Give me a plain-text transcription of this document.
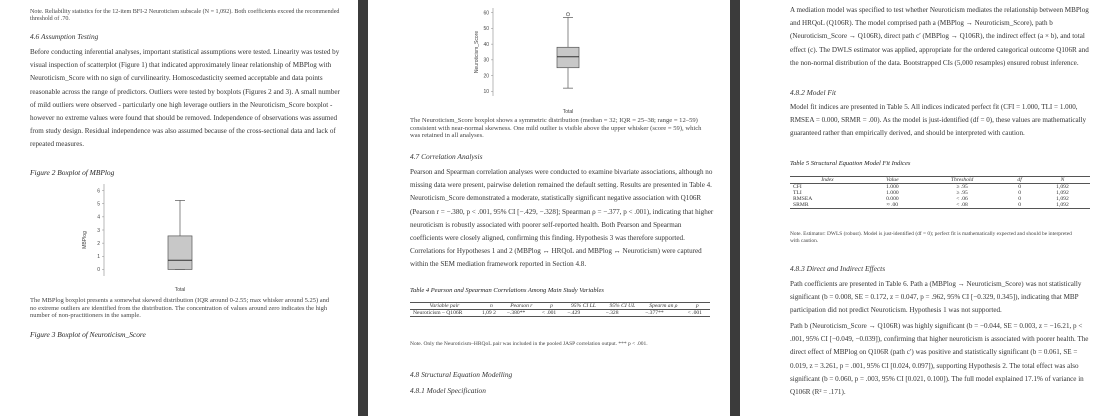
Note. Reliability statistics for the 12-item BFI-2 Neuroticism subscale (N = 1,092). Both coefficients exceed the recommended threshold of .70.

4.6 Assumption Testing

Before conducting inferential analyses, important statistical assumptions were tested. Linearity was tested by visual inspection of scatterplot (Figure 1) that indicated approximately linear relationship of MBPlog with Neuroticism_Score with no sign of curvilinearity. Homoscedasticity seemed acceptable and data points reasonable across the range of predictors. Outliers were tested by boxplots (Figures 2 and 3). A small number of mild outliers were observed - particularly one high leverage outliers in the Neuroticism_Score boxplot - however no extreme values were found that should be removed. Independence of observations was assumed from study design. Residual independence was also assumed because of the cross-sectional data and lack of repeated measures.

Figure 2 Boxplot of MBPlog

MBPlog
0
1
2
3
4
5
6
Total

The MBPlog boxplot presents a somewhat skewed distribution (IQR around 0-2.55; max whisker around 5.25) and no extreme outliers are identified from the distribution. The concentration of values around zero indicates the high number of non-practitioners in the sample.

Figure 3 Boxplot of Neuroticism_Score

Neuroticism_Score
10
20
30
40
50
60
Total

The Neuroticism_Score boxplot shows a symmetric distribution (median = 32; IQR = 25–38; range = 12–59) consistent with near-normal skewness. One mild outlier is visible above the upper whisker (score = 59), which was retained in all analyses.

4.7 Correlation Analysis

Pearson and Spearman correlation analyses were conducted to examine bivariate associations, although no missing data were present, pairwise deletion remained the default setting. Results are presented in Table 4. Neuroticism_Score demonstrated a moderate, statistically significant negative association with Q106R (Pearson r = −.380, p < .001, 95% CI [−.429, −.328]; Spearman ρ = −.377, p < .001), indicating that higher neuroticism is robustly associated with poorer self-reported health. Both Pearson and Spearman coefficients were closely aligned, confirming this finding. Hypothesis 3 was therefore supported. Correlations for Hypotheses 1 and 2 (MBPlog ↔ HRQoL and MBPlog ↔ Neuroticism) were captured within the SEM mediation framework reported in Section 4.8.

Table 4 Pearson and Spearman Correlations Among Main Study Variables

Variable pair	n	Pearson r	p	95% CI LL	95% CI UL	Spearm an ρ	p
Neuroticism – Q106R	1,09 2	−.380**	< .001	−.429	−.328	−.377**	< .001

Note. Only the Neuroticism–HRQoL pair was included in the pooled JASP correlation output. *** p < .001.

4.8 Structural Equation Modelling

4.8.1 Model Specification

A mediation model was specified to test whether Neuroticism mediates the relationship between MBPlog and HRQoL (Q106R). The model comprised path a (MBPlog → Neuroticism_Score), path b (Neuroticism_Score → Q106R), direct path c′ (MBPlog → Q106R), the indirect effect (a × b), and total effect (c). The DWLS estimator was applied, appropriate for the ordered categorical outcome Q106R and the non-normal distribution of the data. Bootstrapped CIs (5,000 resamples) ensured robust inference.

4.8.2 Model Fit

Model fit indices are presented in Table 5. All indices indicated perfect fit (CFI = 1.000, TLI = 1.000, RMSEA = 0.000, SRMR = .00). As the model is just-identified (df = 0), these values are mathematically guaranteed rather than empirically derived, and should be interpreted with caution.

Table 5 Structural Equation Model Fit Indices

Index	Value	Threshold	df	N
CFI	1.000	≥ .95	0	1,092
TLI	1.000	≥ .95	0	1,092
RMSEA	0.000	< .06	0	1,092
SRMR	≈ .00	< .08	0	1,092

Note. Estimator: DWLS (robust). Model is just-identified (df = 0); perfect fit is mathematically expected and should be interpreted with caution.

4.8.3 Direct and Indirect Effects

Path coefficients are presented in Table 6. Path a (MBPlog → Neuroticism_Score) was not statistically significant (b = 0.008, SE = 0.172, z = 0.047, p = .962, 95% CI [−0.329, 0.345]), indicating that MBP participation did not predict Neuroticism. Hypothesis 1 was not supported.

Path b (Neuroticism_Score → Q106R) was highly significant (b = −0.044, SE = 0.003, z = −16.21, p < .001, 95% CI [−0.049, −0.039]), confirming that higher neuroticism is associated with poorer health. The direct effect of MBPlog on Q106R (path c′) was positive and statistically significant (b = 0.061, SE = 0.019, z = 3.261, p = .001, 95% CI [0.024, 0.097]), supporting Hypothesis 2. The total effect was also significant (b = 0.060, p = .003, 95% CI [0.021, 0.100]). The full model explained 17.1% of variance in Q106R (R² = .171).
